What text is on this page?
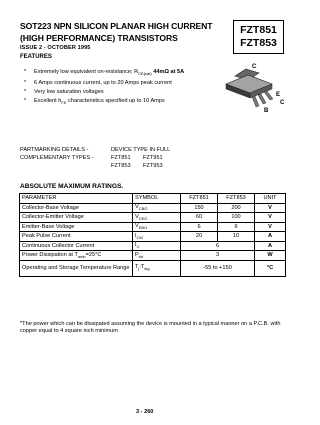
SOT223 NPN SILICON PLANAR HIGH CURRENT
(HIGH PERFORMANCE) TRANSISTORS
ISSUE 2 - OCTOBER 1995
FEATURES
FZT851
FZT853
* Extremely low equivalent on-resistance; $R_{CE(sat)}$ 44mΩ at 5A
* 6 Amps continuous current, up to 20 Amps peak current
* Very low saturation voltages
* Excellent $h_{FE}$ characteristics specified up to 10 Amps
C
E
C
B
PARTMARKING DETAILS -	DEVICE TYPE IN FULL
COMPLEMENTARY TYPES -	FZT851	FZT951
FZT853	FZT953
ABSOLUTE MAXIMUM RATINGS.
PARAMETER	SYMBOL	FZT851	FZT853	UNIT
Collector-Base Voltage	$V_{CBO}$	150	200	V
Collector-Emitter Voltage	$V_{CEO}$	60	100	V
Emitter-Base Voltage	$V_{EBO}$	6	6	V
Peak Pulse Current	$I_{CM}$	20	10	A
Continuous Collector Current	$I_C$	6		A
Power Dissipation at $T_{amb}=25^\circ C$	$P_{tot}$	3		W
Operating and Storage Temperature Range	$T_j:T_{stg}$	-55 to +150		°C
*The power which can be dissipated assuming the device is mounted in a typical manner on a P.C.B. with copper equal to 4 square inch minimum
3 - 260
